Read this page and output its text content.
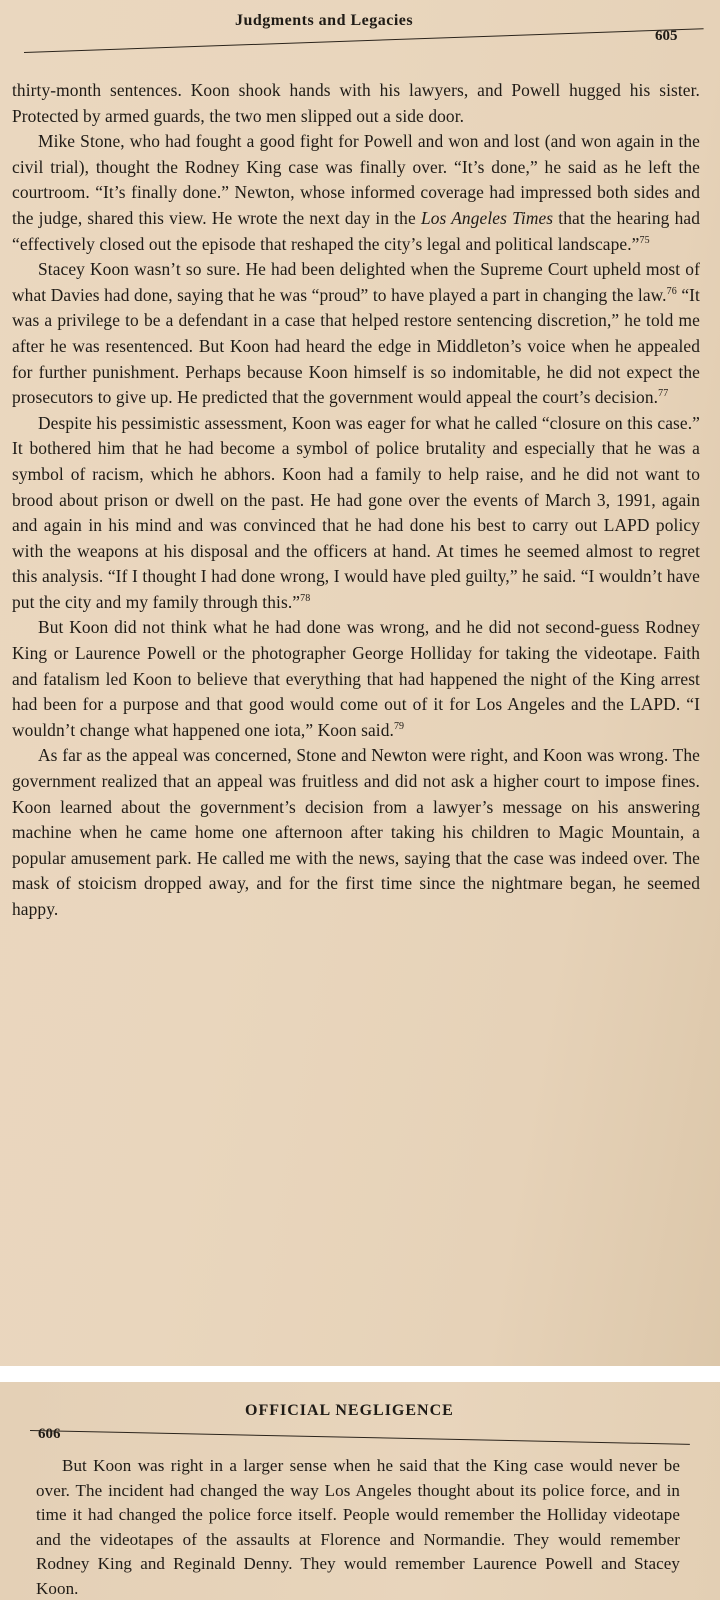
Judgments and Legacies
605

thirty-month sentences. Koon shook hands with his lawyers, and Powell hugged his sister. Protected by armed guards, the two men slipped out a side door.

Mike Stone, who had fought a good fight for Powell and won and lost (and won again in the civil trial), thought the Rodney King case was finally over. “It’s done,” he said as he left the courtroom. “It’s finally done.” Newton, whose informed coverage had impressed both sides and the judge, shared this view. He wrote the next day in the Los Angeles Times that the hearing had “effectively closed out the episode that reshaped the city’s legal and political landscape.”$^{75}$

Stacey Koon wasn’t so sure. He had been delighted when the Supreme Court upheld most of what Davies had done, saying that he was “proud” to have played a part in changing the law.$^{76}$ “It was a privilege to be a defendant in a case that helped restore sentencing discretion,” he told me after he was resentenced. But Koon had heard the edge in Middleton’s voice when he appealed for further punishment. Perhaps because Koon himself is so indomitable, he did not expect the prosecutors to give up. He predicted that the government would appeal the court’s decision.$^{77}$

Despite his pessimistic assessment, Koon was eager for what he called “closure on this case.” It bothered him that he had become a symbol of police brutality and especially that he was a symbol of racism, which he abhors. Koon had a family to help raise, and he did not want to brood about prison or dwell on the past. He had gone over the events of March 3, 1991, again and again in his mind and was convinced that he had done his best to carry out LAPD policy with the weapons at his disposal and the officers at hand. At times he seemed almost to regret this analysis. “If I thought I had done wrong, I would have pled guilty,” he said. “I wouldn’t have put the city and my family through this.”$^{78}$

But Koon did not think what he had done was wrong, and he did not second-guess Rodney King or Laurence Powell or the photographer George Holliday for taking the videotape. Faith and fatalism led Koon to believe that everything that had happened the night of the King arrest had been for a purpose and that good would come out of it for Los Angeles and the LAPD. “I wouldn’t change what happened one iota,” Koon said.$^{79}$

As far as the appeal was concerned, Stone and Newton were right, and Koon was wrong. The government realized that an appeal was fruitless and did not ask a higher court to impose fines. Koon learned about the government’s decision from a lawyer’s message on his answering machine when he came home one afternoon after taking his children to Magic Mountain, a popular amusement park. He called me with the news, saying that the case was indeed over. The mask of stoicism dropped away, and for the first time since the nightmare began, he seemed happy.

OFFICIAL NEGLIGENCE
606

But Koon was right in a larger sense when he said that the King case would never be over. The incident had changed the way Los Angeles thought about its police force, and in time it had changed the police force itself. People would remember the Holliday videotape and the videotapes of the assaults at Florence and Normandie. They would remember Rodney King and Reginald Denny. They would remember Laurence Powell and Stacey Koon.
